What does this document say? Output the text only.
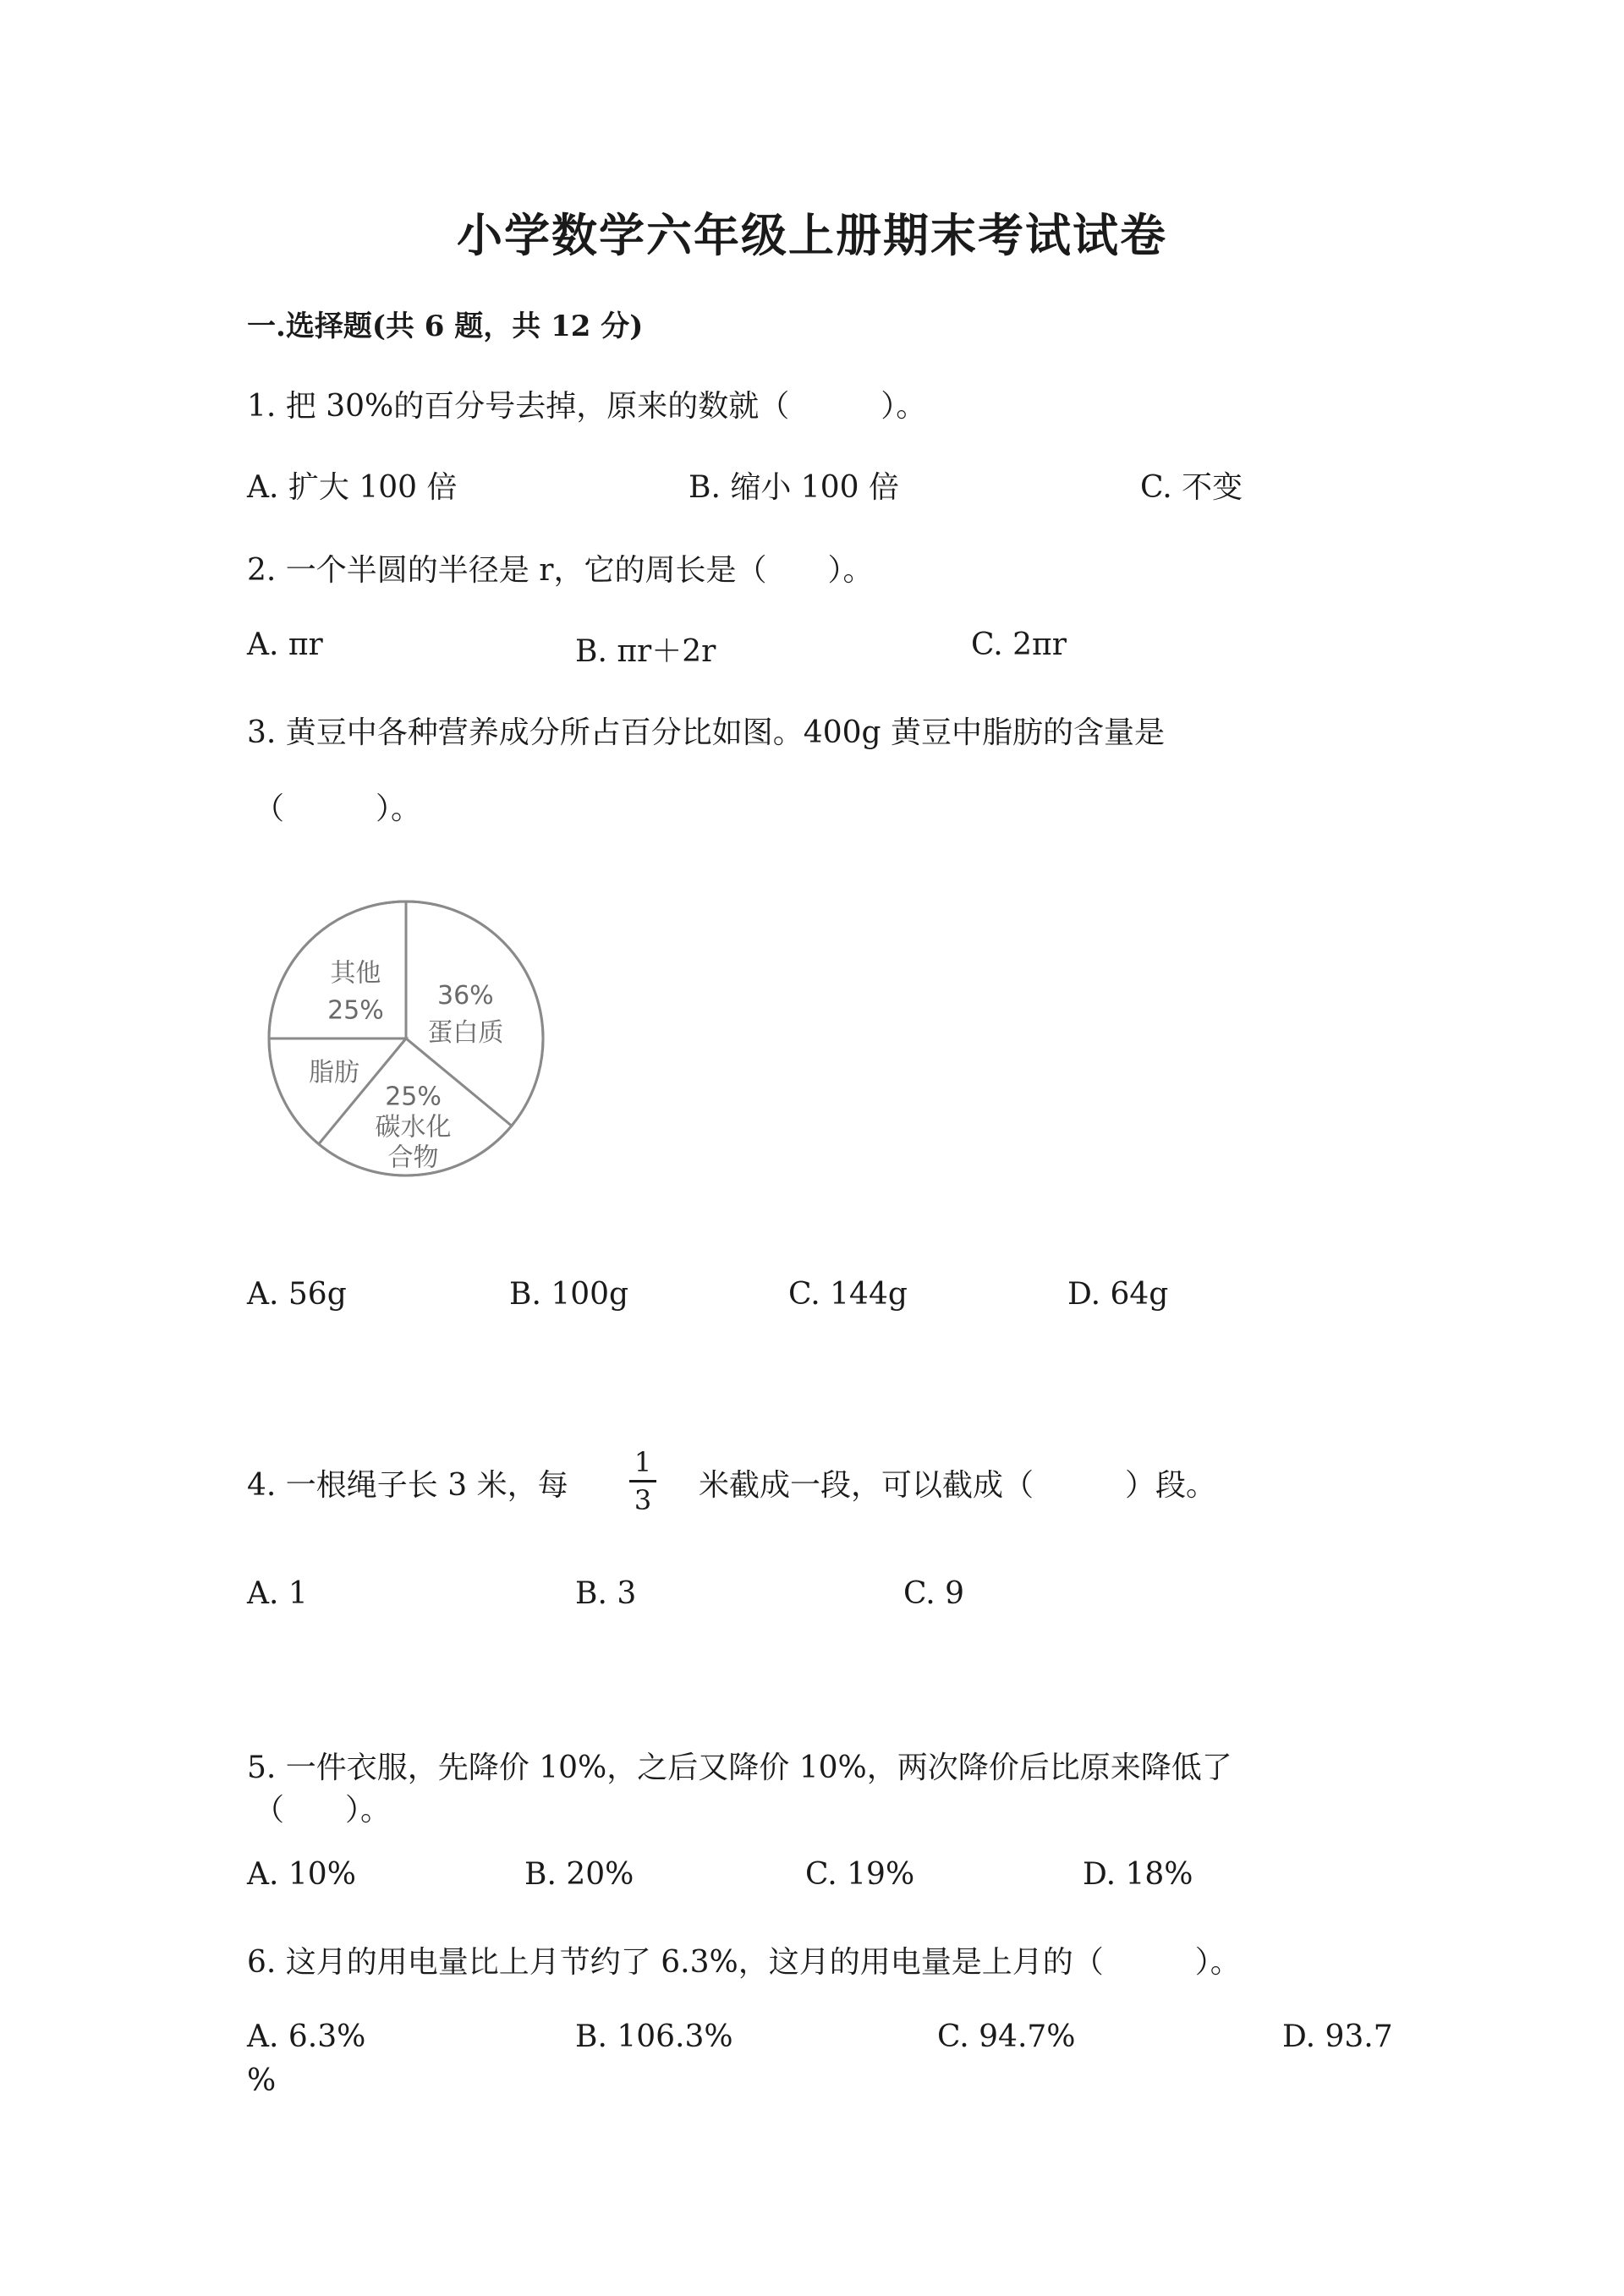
小学数学六年级上册期末考试试卷
一.选择题(共 6 题，共 12 分)
1. 把 30%的百分号去掉，原来的数就（　　　）。
A. 扩大 100 倍	B. 缩小 100 倍	C. 不变
2. 一个半圆的半径是 r，它的周长是（　　）。
A. πr	B. πr＋2r	C. 2πr
3. 黄豆中各种营养成分所占百分比如图。400g 黄豆中脂肪的含量是
（　　　）。
36%
蛋白质
25%
碳水化
合物
脂肪
其他
25%
A. 56g	B. 100g	C. 144g	D. 64g
4. 一根绳子长 3 米，每
1
3 米截成一段，可以截成（　　　）段。
A. 1	B. 3	C. 9
5. 一件衣服，先降价 10%，之后又降价 10%，两次降价后比原来降低了
（　　）。
A. 10%	B. 20%	C. 19%	D. 18%
6. 这月的用电量比上月节约了 6.3%，这月的用电量是上月的（　　　）。
A. 6.3%	B. 106.3%	C. 94.7%	D. 93.7
%
